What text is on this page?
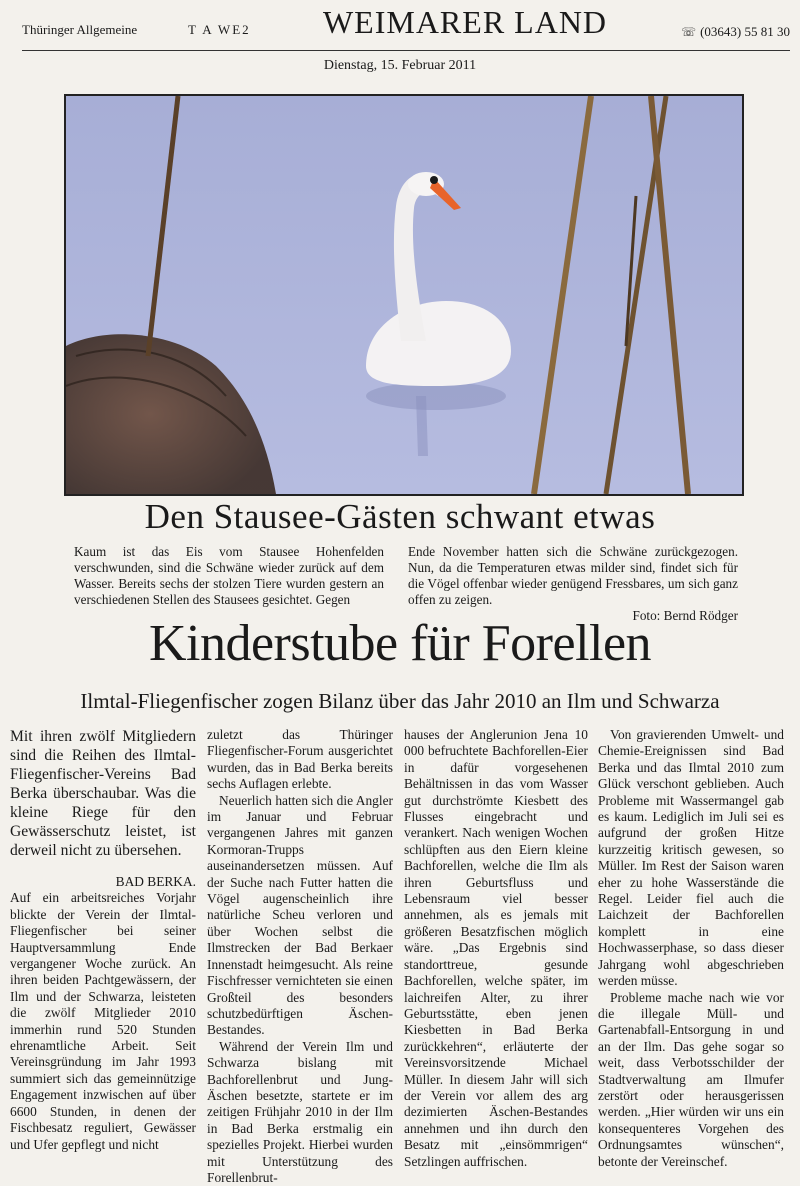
Thüringer Allgemeine	T A WE2	WEIMARER LAND	☏ (03643) 55 81 30
Dienstag, 15. Februar 2011
Den Stausee-Gästen schwant etwas
Kaum ist das Eis vom Stausee Hohenfelden verschwunden, sind die Schwäne wieder zurück auf dem Wasser. Bereits sechs der stolzen Tiere wurden gestern an verschiedenen Stellen des Stausees gesichtet. Gegen
Ende November hatten sich die Schwäne zurückgezogen. Nun, da die Temperaturen etwas milder sind, findet sich für die Vögel offenbar wieder genügend Fressbares, um sich ganz offen zu zeigen.
Foto: Bernd Rödger
Kinderstube für Forellen
Ilmtal-Fliegenfischer zogen Bilanz über das Jahr 2010 an Ilm und Schwarza

Mit ihren zwölf Mitgliedern sind die Reihen des Ilmtal-Fliegenfischer-Vereins Bad Berka überschaubar. Was die kleine Riege für den Gewässerschutz leistet, ist derweil nicht zu übersehen.

BAD BERKA.

Auf ein arbeitsreiches Vorjahr blickte der Verein der Ilmtal-Fliegenfischer bei seiner Hauptversammlung Ende vergangener Woche zurück. An ihren beiden Pachtgewässern, der Ilm und der Schwarza, leisteten die zwölf Mitglieder 2010 immerhin rund 520 Stunden ehrenamtliche Arbeit. Seit Vereinsgründung im Jahr 1993 summiert sich das gemeinnützige Engagement inzwischen auf über 6600 Stunden, in denen der Fischbesatz reguliert, Gewässer und Ufer gepflegt und nicht

zuletzt das Thüringer Fliegenfischer-Forum ausgerichtet wurden, das in Bad Berka bereits sechs Auflagen erlebte.

Neuerlich hatten sich die Angler im Januar und Februar vergangenen Jahres mit ganzen Kormoran-Trupps auseinandersetzen müssen. Auf der Suche nach Futter hatten die Vögel augenscheinlich ihre natürliche Scheu verloren und über Wochen selbst die Ilmstrecken der Bad Berkaer Innenstadt heimgesucht. Als reine Fischfresser vernichteten sie einen Großteil des besonders schutzbedürftigen Äschen-Bestandes.

Während der Verein Ilm und Schwarza bislang mit Bachforellenbrut und Jung-Äschen besetzte, startete er im zeitigen Frühjahr 2010 in der Ilm in Bad Berka erstmalig ein spezielles Projekt. Hierbei wurden mit Unterstützung des Forellenbrut-

hauses der Anglerunion Jena 10 000 befruchtete Bachforellen-Eier in dafür vorgesehenen Behältnissen in das vom Wasser gut durchströmte Kiesbett des Flusses eingebracht und verankert. Nach wenigen Wochen schlüpften aus den Eiern kleine Bachforellen, welche die Ilm als ihren Geburtsfluss und Lebensraum viel besser annehmen, als es jemals mit größeren Besatzfischen möglich wäre. „Das Ergebnis sind standorttreue, gesunde Bachforellen, welche später, im laichreifen Alter, zu ihrer Geburtsstätte, eben jenen Kiesbetten in Bad Berka zurückkehren“, erläuterte der Vereinsvorsitzende Michael Müller. In diesem Jahr will sich der Verein vor allem des arg dezimierten Äschen-Bestandes annehmen und ihn durch den Besatz mit „einsömmrigen“ Setzlingen auffrischen.

Von gravierenden Umwelt- und Chemie-Ereignissen sind Bad Berka und das Ilmtal 2010 zum Glück verschont geblieben. Auch Probleme mit Wassermangel gab es kaum. Lediglich im Juli sei es aufgrund der großen Hitze kurzzeitig kritisch gewesen, so Müller. Im Rest der Saison waren eher zu hohe Wasserstände die Regel. Leider fiel auch die Laichzeit der Bachforellen komplett in eine Hochwasserphase, so dass dieser Jahrgang wohl abgeschrieben werden müsse.

Probleme mache nach wie vor die illegale Müll- und Gartenabfall-Entsorgung in und an der Ilm. Das gehe sogar so weit, dass Verbotsschilder der Stadtverwaltung am Ilmufer zerstört oder herausgerissen werden. „Hier würden wir uns ein konsequenteres Vorgehen des Ordnungsamtes wünschen“, betonte der Vereinschef.
